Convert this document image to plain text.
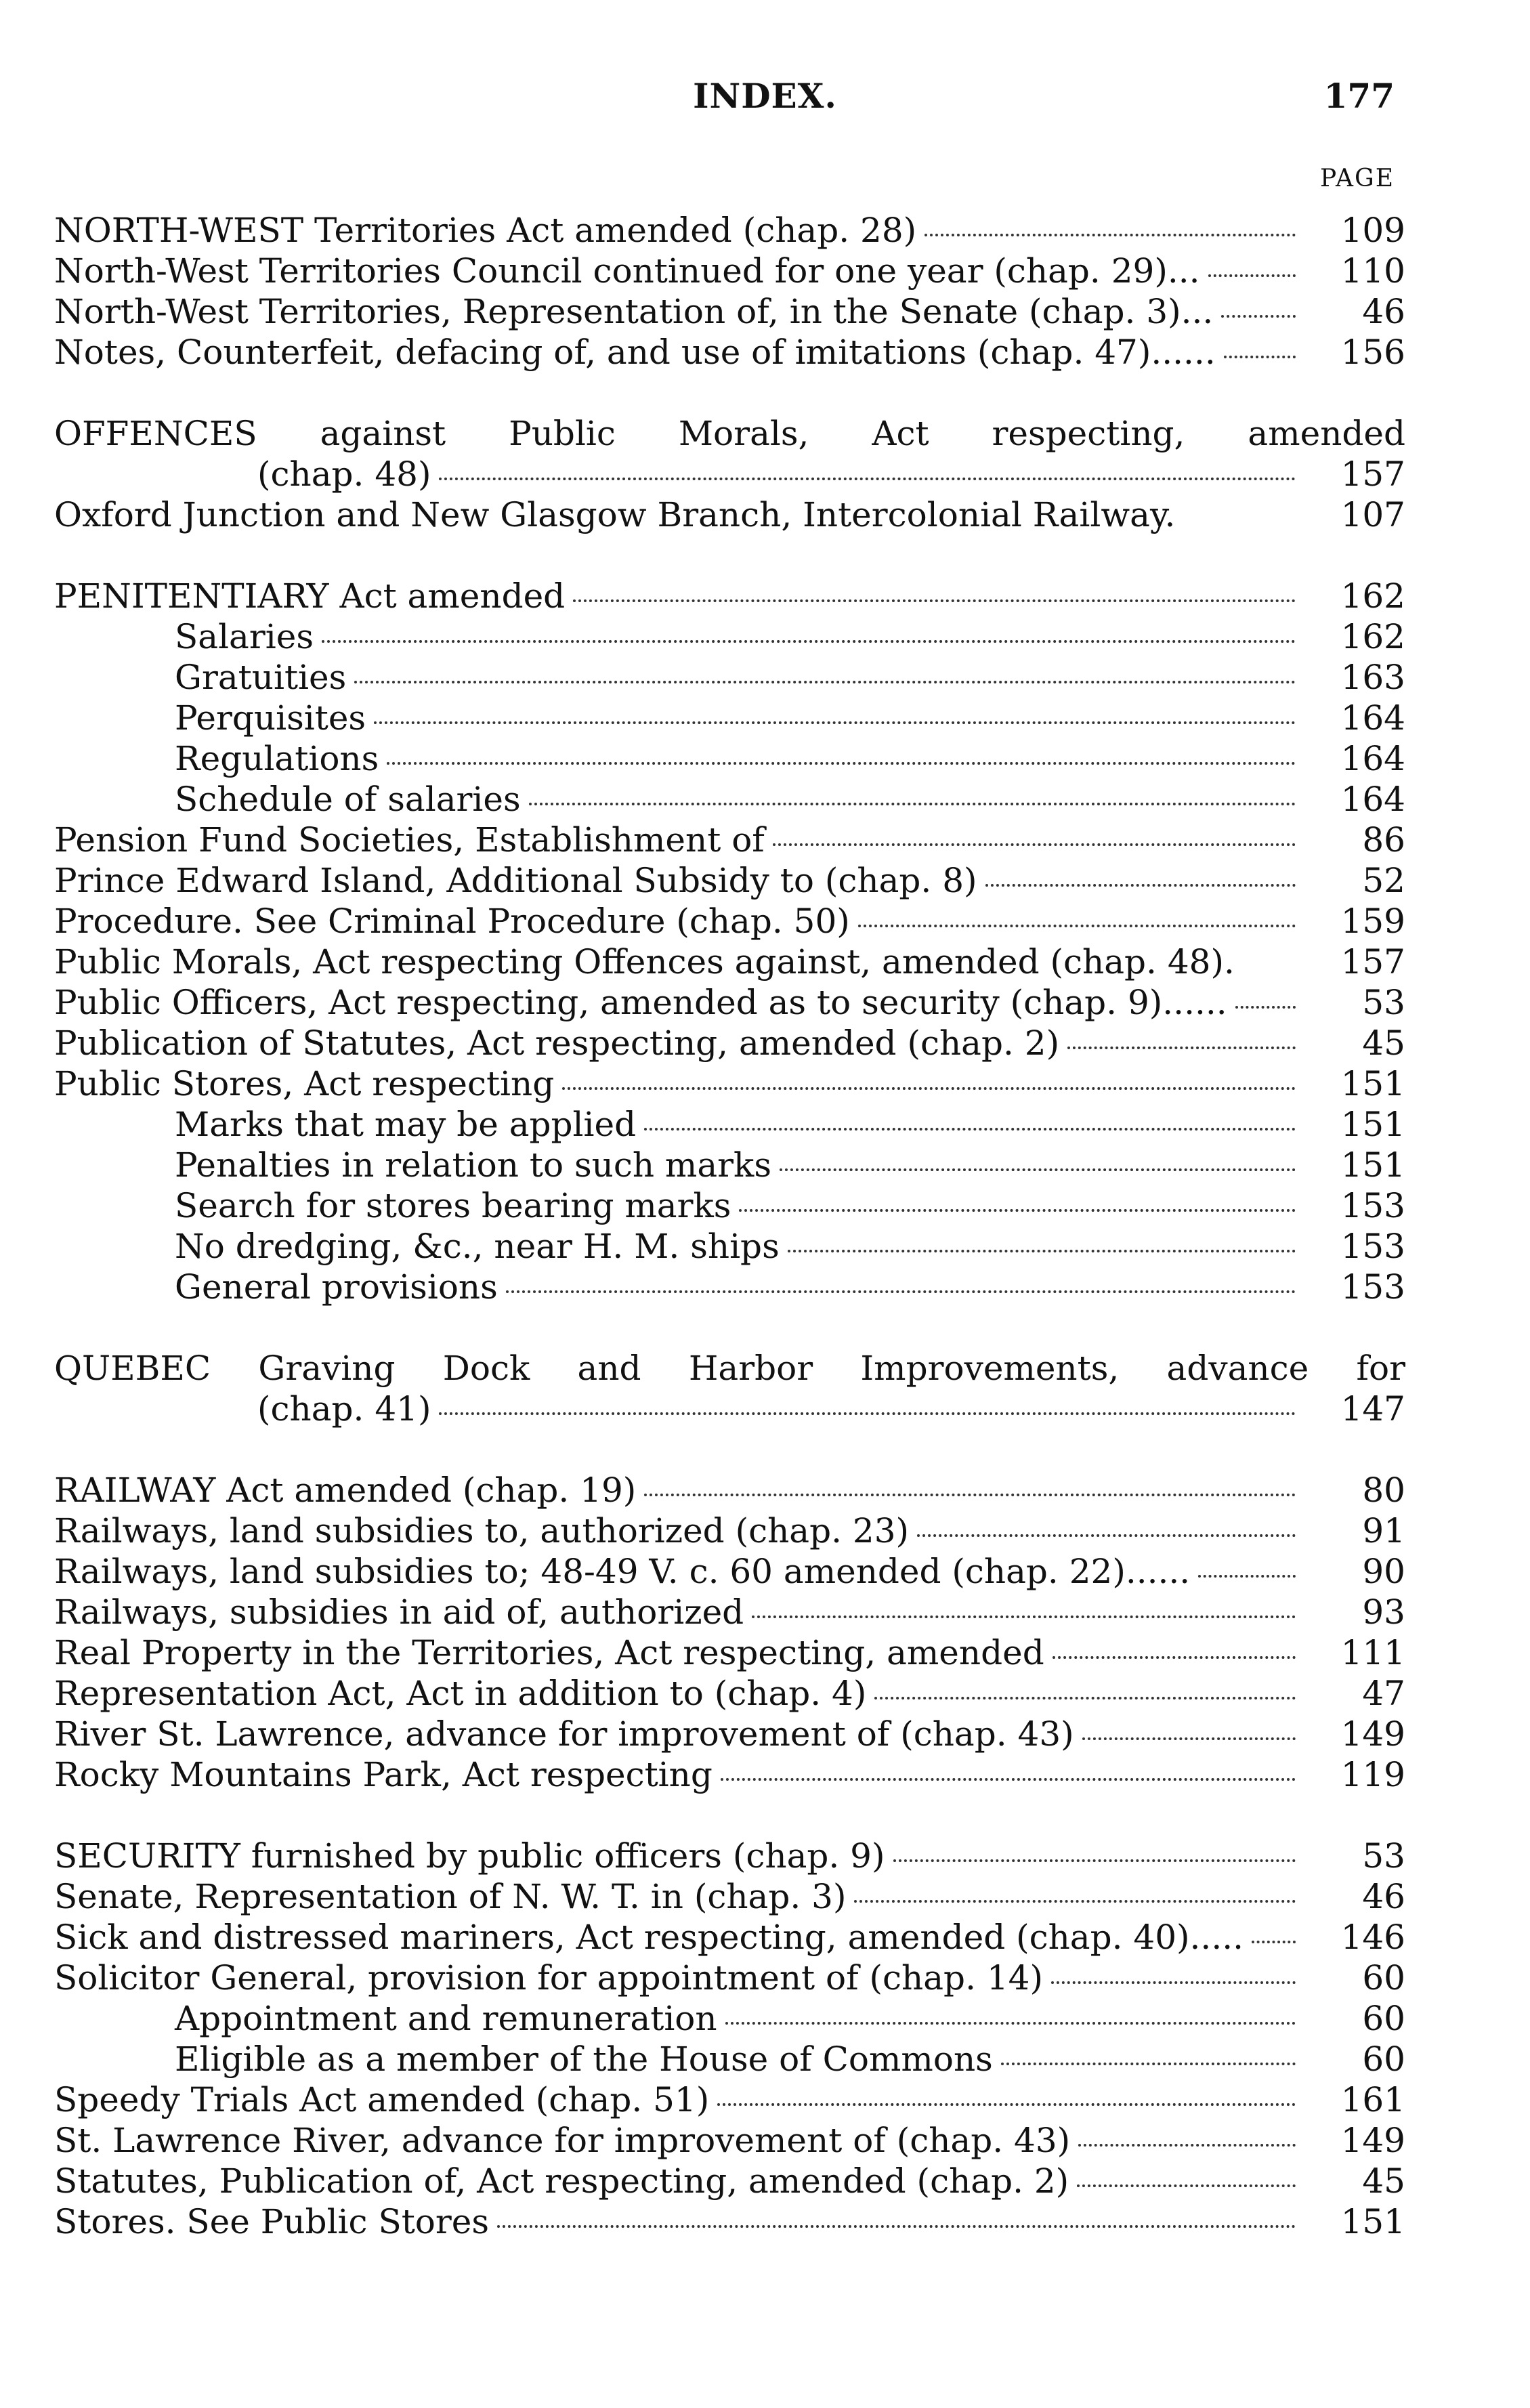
INDEX.	177
PAGE
NORTH-WEST Territories Act amended (chap. 28)	109
North-West Territories Council continued for one year (chap. 29)...	110
North-West Territories, Representation of, in the Senate (chap. 3)...	46
Notes, Counterfeit, defacing of, and use of imitations (chap. 47)......	156
OFFENCES against Public Morals, Act respecting, amended
(chap. 48)	157
Oxford Junction and New Glasgow Branch, Intercolonial Railway.	107
PENITENTIARY Act amended	162
Salaries	162
Gratuities	163
Perquisites	164
Regulations	164
Schedule of salaries	164
Pension Fund Societies, Establishment of	86
Prince Edward Island, Additional Subsidy to (chap. 8)	52
Procedure. See Criminal Procedure (chap. 50)	159
Public Morals, Act respecting Offences against, amended (chap. 48).	157
Public Officers, Act respecting, amended as to security (chap. 9)......	53
Publication of Statutes, Act respecting, amended (chap. 2)	45
Public Stores, Act respecting	151
Marks that may be applied	151
Penalties in relation to such marks	151
Search for stores bearing marks	153
No dredging, &c., near H. M. ships	153
General provisions	153
QUEBEC Graving Dock and Harbor Improvements, advance for
(chap. 41)	147
RAILWAY Act amended (chap. 19)	80
Railways, land subsidies to, authorized (chap. 23)	91
Railways, land subsidies to; 48-49 V. c. 60 amended (chap. 22)......	90
Railways, subsidies in aid of, authorized	93
Real Property in the Territories, Act respecting, amended	111
Representation Act, Act in addition to (chap. 4)	47
River St. Lawrence, advance for improvement of (chap. 43)	149
Rocky Mountains Park, Act respecting	119
SECURITY furnished by public officers (chap. 9)	53
Senate, Representation of N. W. T. in (chap. 3)	46
Sick and distressed mariners, Act respecting, amended (chap. 40).....	146
Solicitor General, provision for appointment of (chap. 14)	60
Appointment and remuneration	60
Eligible as a member of the House of Commons	60
Speedy Trials Act amended (chap. 51)	161
St. Lawrence River, advance for improvement of (chap. 43)	149
Statutes, Publication of, Act respecting, amended (chap. 2)	45
Stores. See Public Stores	151
